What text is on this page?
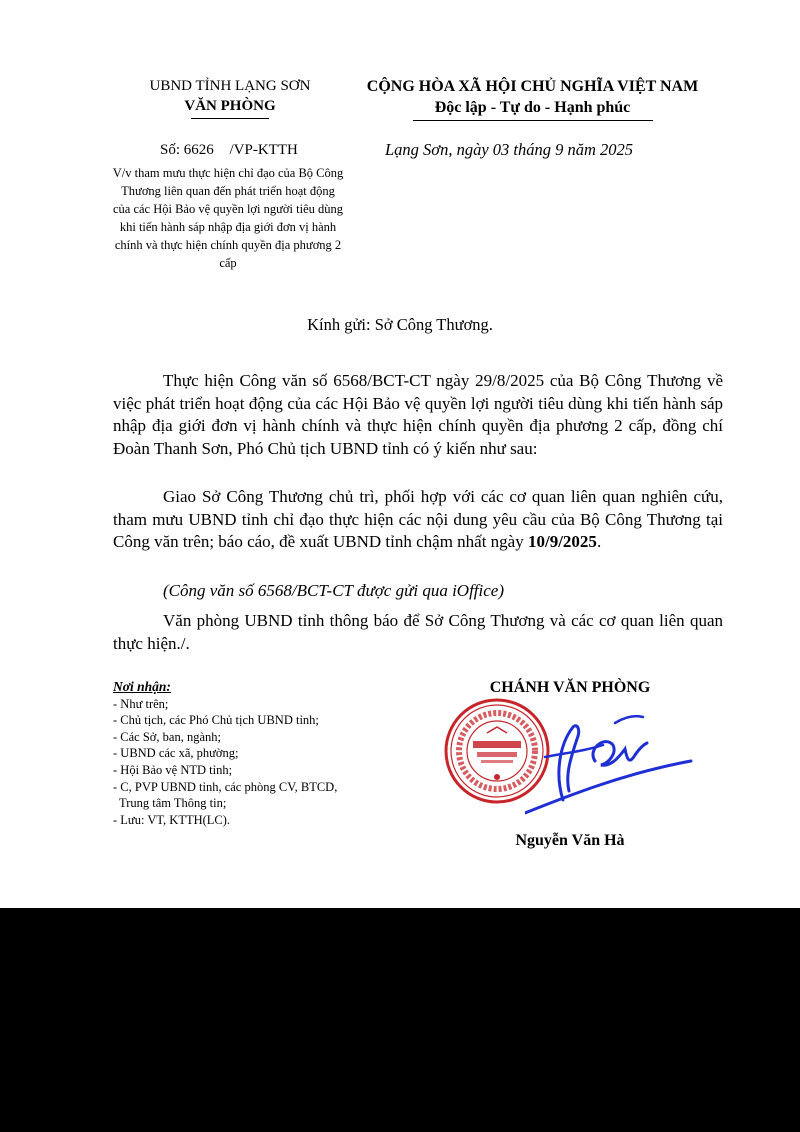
UBND TỈNH LẠNG SƠN
VĂN PHÒNG
CỘNG HÒA XÃ HỘI CHỦ NGHĨA VIỆT NAM
Độc lập - Tự do - Hạnh phúc
Số: 6626 /VP-KTTH	Lạng Sơn, ngày 03 tháng 9 năm 2025
V/v tham mưu thực hiện chỉ đạo của Bộ Công Thương liên quan đến phát triển hoạt động của các Hội Bảo vệ quyền lợi người tiêu dùng khi tiến hành sáp nhập địa giới đơn vị hành chính và thực hiện chính quyền địa phương 2 cấp
Kính gửi: Sở Công Thương.
Thực hiện Công văn số 6568/BCT-CT ngày 29/8/2025 của Bộ Công Thương về việc phát triển hoạt động của các Hội Bảo vệ quyền lợi người tiêu dùng khi tiến hành sáp nhập địa giới đơn vị hành chính và thực hiện chính quyền địa phương 2 cấp, đồng chí Đoàn Thanh Sơn, Phó Chủ tịch UBND tỉnh có ý kiến như sau:
Giao Sở Công Thương chủ trì, phối hợp với các cơ quan liên quan nghiên cứu, tham mưu UBND tỉnh chỉ đạo thực hiện các nội dung yêu cầu của Bộ Công Thương tại Công văn trên; báo cáo, đề xuất UBND tỉnh chậm nhất ngày 10/9/2025.
(Công văn số 6568/BCT-CT được gửi qua iOffice)
Văn phòng UBND tỉnh thông báo để Sở Công Thương và các cơ quan liên quan thực hiện./.
Nơi nhận:
- Như trên;
- Chủ tịch, các Phó Chủ tịch UBND tỉnh;
- Các Sở, ban, ngành;
- UBND các xã, phường;
- Hội Bảo vệ NTD tỉnh;
- C, PVP UBND tỉnh, các phòng CV, BTCD,
Trung tâm Thông tin;
- Lưu: VT, KTTH(LC).
CHÁNH VĂN PHÒNG
Nguyễn Văn Hà
